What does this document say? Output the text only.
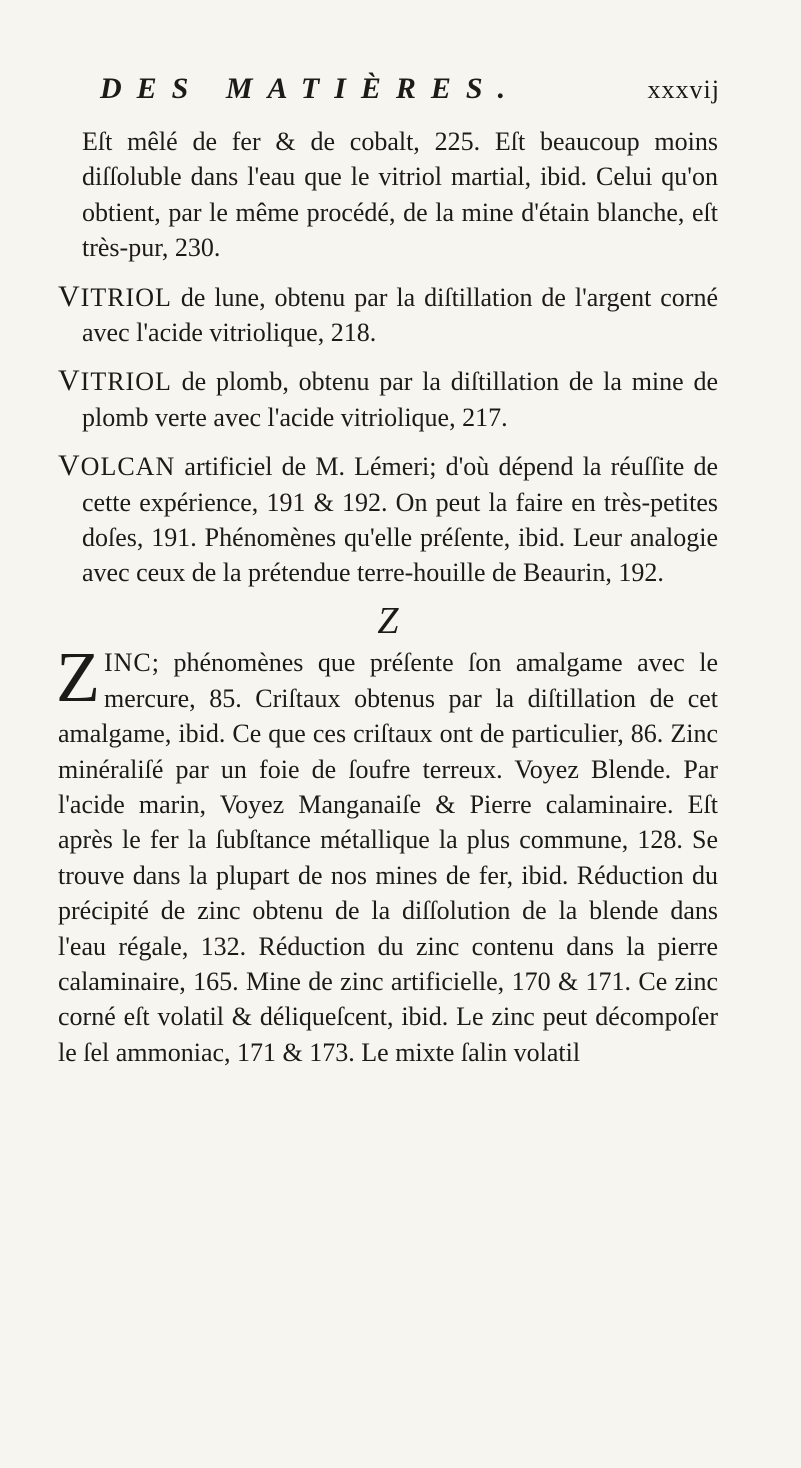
DES MATIÈRES.	xxxvij

Eſt mêlé de fer & de cobalt, 225. Eſt beaucoup moins diſſoluble dans l'eau que le vitriol martial, ibid. Celui qu'on obtient, par le même procédé, de la mine d'étain blanche, eſt très-pur, 230.

VITRIOL de lune, obtenu par la diſtillation de l'argent corné avec l'acide vitriolique, 218.

VITRIOL de plomb, obtenu par la diſtillation de la mine de plomb verte avec l'acide vitriolique, 217.

VOLCAN artificiel de M. Lémeri; d'où dépend la réuſſite de cette expérience, 191 & 192. On peut la faire en très-petites doſes, 191. Phénomènes qu'elle préſente, ibid. Leur analogie avec ceux de la prétendue terre-houille de Beaurin, 192.

Z

ZINC; phénomènes que préſente ſon amalgame avec le mercure, 85. Criſtaux obtenus par la diſtillation de cet amalgame, ibid. Ce que ces criſtaux ont de particulier, 86. Zinc minéraliſé par un foie de ſoufre terreux. Voyez Blende. Par l'acide marin, Voyez Manganaiſe & Pierre calaminaire. Eſt après le fer la ſubſtance métallique la plus commune, 128. Se trouve dans la plupart de nos mines de fer, ibid. Réduction du précipité de zinc obtenu de la diſſolution de la blende dans l'eau régale, 132. Réduction du zinc contenu dans la pierre calaminaire, 165. Mine de zinc artificielle, 170 & 171. Ce zinc corné eſt volatil & déliqueſcent, ibid. Le zinc peut décompoſer le ſel ammoniac, 171 & 173. Le mixte ſalin volatil
